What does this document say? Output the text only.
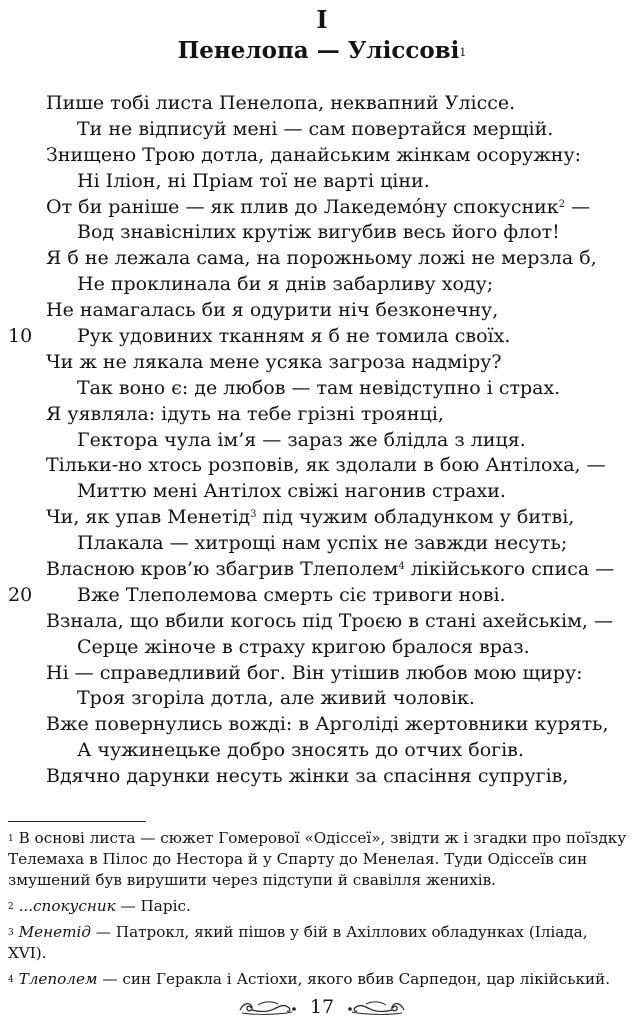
I
Пенелопа — Уліссові$^1$
Пише тобі листа Пенелопа, неквапний Улісcе.
Ти не відписуй мені — сам повертайся мерщій.
Знищено Трою дотла, данайським жінкам осоружну:
Ні Іліон, ні Пріам тої не варті ціни.
От би раніше — як плив до Лакедемо́ну спокусник$^2$ —
Вод знавіснілих крутіж вигубив весь його флот!
Я б не лежала сама, на порожньому ложі не мерзла б,
Не проклинала би я днів забарливу ходу;
Не намагалась би я одурити ніч безконечну,
10 Рук удовиних тканням я б не томила своїх.
Чи ж не лякала мене усяка загроза надміру?
Так воно є: де любов — там невідступно і страх.
Я уявляла: ідуть на тебе грізні троянці,
Гектора чула ім’я — зараз же блідла з лиця.
Тільки-но хтось розповів, як здолали в бою Антілоха, —
Миттю мені Антілох свіжі нагонив страхи.
Чи, як упав Менетід$^3$ під чужим обладунком у битві,
Плакала — хитрощі нам успіх не завжди несуть;
Власною кров’ю збагрив Тлеполем$^4$ лікійського списа —
20 Вже Тлеполемова смерть сіє тривоги нові.
Взнала, що вбили когось під Троєю в стані ахейськім, —
Серце жіноче в страху кригою бралося враз.
Ні — справедливий бог. Він утішив любов мою щиру:
Троя згоріла дотла, але живий чоловік.
Вже повернулись вожді: в Арголіді жертовники курять,
А чужинецьке добро зносять до отчих богів.
Вдячно дарунки несуть жінки за спасіння супругів,

$^1$ В основі листа — сюжет Гомерової «Одіссеї», звідти ж і згадки про поїздку Телемаха в Пілос до Нестора й у Спарту до Менелая. Туди Одіссеїв син змушений був вирушити через підступи й свавілля женихів.

$^2$ ...спокусник — Паріс.

$^3$ Менетід — Патрокл, який пішов у бій в Ахіллових обладунках (Іліада, XVI).

$^4$ Тлеполем — син Геракла і Астіохи, якого вбив Сарпедон, цар лікійський.

17
